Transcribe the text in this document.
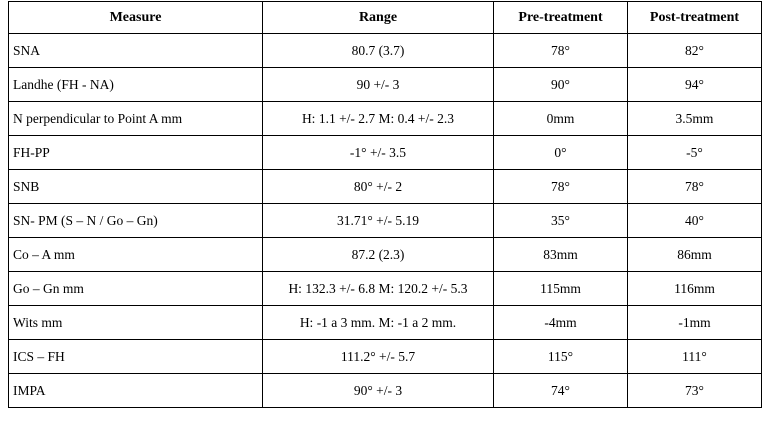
Measure	Range	Pre-treatment	Post-treatment
SNA	80.7 (3.7)	78°	82°
Landhe (FH - NA)	90 +/- 3	90°	94°
N perpendicular to Point A mm	H: 1.1 +/- 2.7 M: 0.4 +/- 2.3	0mm	3.5mm
FH-PP	-1° +/- 3.5	0°	-5°
SNB	80° +/- 2	78°	78°
SN- PM (S – N / Go – Gn)	31.71° +/- 5.19	35°	40°
Co – A mm	87.2 (2.3)	83mm	86mm
Go – Gn mm	H: 132.3 +/- 6.8 M: 120.2 +/- 5.3	115mm	116mm
Wits mm	H: -1 a 3 mm. M: -1 a 2 mm.	-4mm	-1mm
ICS – FH	111.2° +/- 5.7	115°	111°
IMPA	90° +/- 3	74°	73°
